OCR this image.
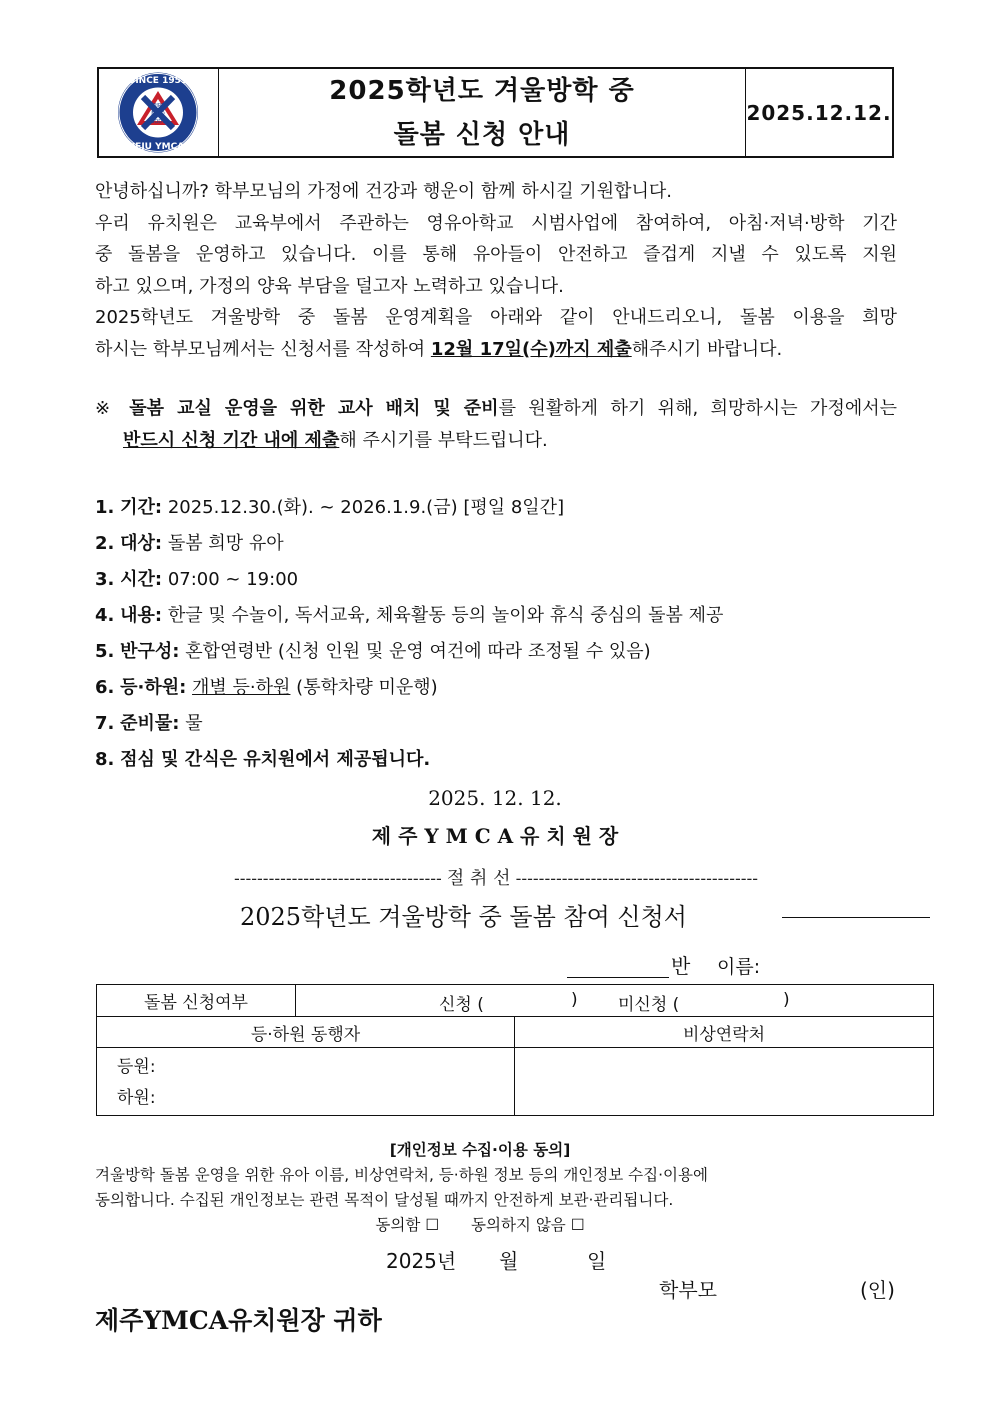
SINCE 1951
JEJU YMCA
SPIRIT
MIND
BODY
2025학년도 겨울방학 중
돌봄 신청 안내
2025.12.12.

안녕하십니까? 학부모님의 가정에 건강과 행운이 함께 하시길 기원합니다.

우리 유치원은 교육부에서 주관하는 영유아학교 시범사업에 참여하여, 아침·저녁·방학 기간

중 돌봄을 운영하고 있습니다. 이를 통해 유아들이 안전하고 즐겁게 지낼 수 있도록 지원

하고 있으며, 가정의 양육 부담을 덜고자 노력하고 있습니다.

2025학년도 겨울방학 중 돌봄 운영계획을 아래와 같이 안내드리오니, 돌봄 이용을 희망

하시는 학부모님께서는 신청서를 작성하여 12월 17일(수)까지 제출해주시기 바랍니다.

※ 돌봄 교실 운영을 위한 교사 배치 및 준비를 원활하게 하기 위해, 희망하시는 가정에서는
반드시 신청 기간 내에 제출해 주시기를 부탁드립니다.
1. 기간: 2025.12.30.(화). ~ 2026.1.9.(금) [평일 8일간]
2. 대상: 돌봄 희망 유아
3. 시간: 07:00 ~ 19:00
4. 내용: 한글 및 수놀이, 독서교육, 체육활동 등의 놀이와 휴식 중심의 돌봄 제공
5. 반구성: 혼합연령반 (신청 인원 및 운영 여건에 따라 조정될 수 있음)
6. 등·하원: 개별 등·하원 (통학차량 미운행)
7. 준비물: 물
8. 점심 및 간식은 유치원에서 제공됩니다.
2025. 12. 12.
제 주 Y M C A 유 치 원 장
------------------------------------ 절 취 선 ------------------------------------------
2025학년도 겨울방학 중 돌봄 참여 신청서
반 이름:
돌봄 신청여부	신청 ( ) 미신청 ( )	

등·하원 동행자		비상연락처

등원:
하원:		

[개인정보 수집·이용 동의]
겨울방학 돌봄 운영을 위한 유아 이름, 비상연락처, 등·하원 정보 등의 개인정보 수집·이용에
동의합니다. 수집된 개인정보는 관련 목적이 달성될 때까지 안전하게 보관·관리됩니다.
동의함 ☐ 동의하지 않음 ☐
2025년 월	일
학부모	(인)
제주YMCA유치원장 귀하
